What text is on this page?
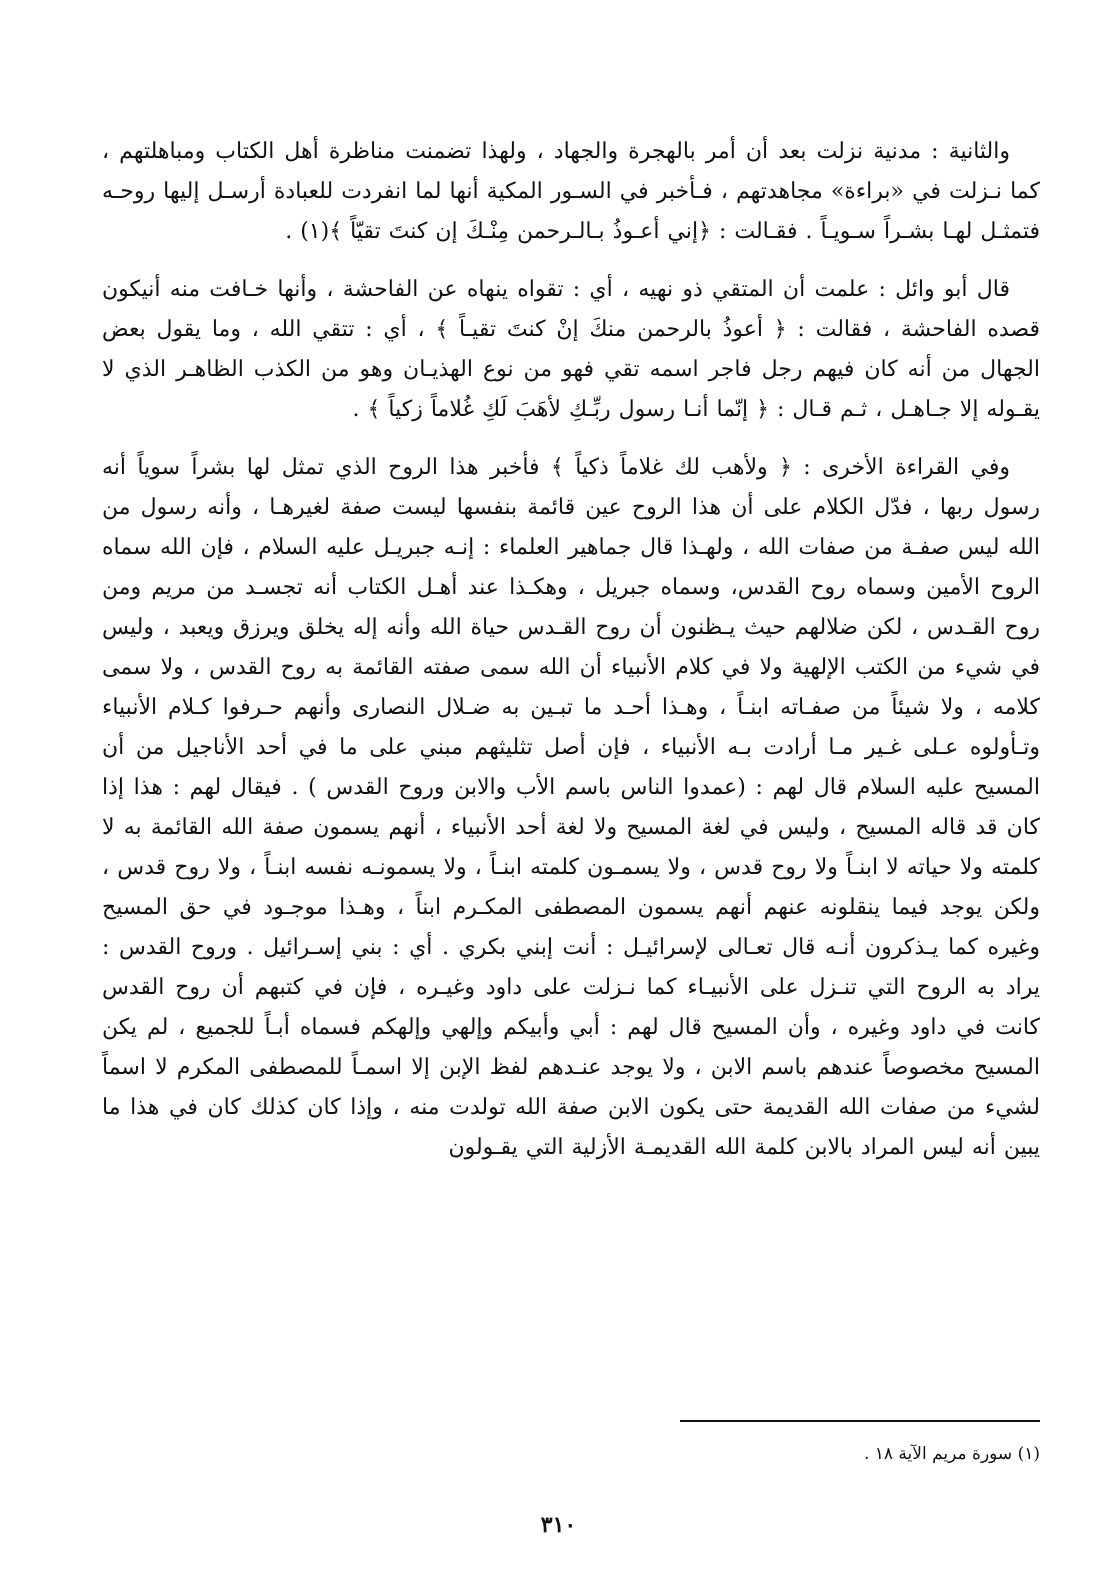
والثانية : مدنية نزلت بعد أن أمر بالهجرة والجهاد ، ولهذا تضمنت مناظرة أهل الكتاب ومباهلتهم ، كما نـزلت في «براءة» مجاهدتهم ، فـأخبر في السـور المكية أنها لما انفردت للعبادة أرسـل إليها روحـه فتمثـل لهـا بشـراً سـويـاً . فقـالت : ﴿إني أعـوذُ بـالـرحمن مِنْـكَ إن كنتَ تقيّاً ﴾(١) .

قال أبو وائل : علمت أن المتقي ذو نهيه ، أي : تقواه ينهاه عن الفاحشة ، وأنها خـافت منه أنيكون قصده الفاحشة ، فقالت : ﴿ أعوذُ بالرحمن منكَ إنْ كنتَ تقيـاً ﴾ ، أي : تتقي الله ، وما يقول بعض الجهال من أنه كان فيهم رجل فاجر اسمه تقي فهو من نوع الهذيـان وهو من الكذب الظاهـر الذي لا يقـوله إلا جـاهـل ، ثـم قـال : ﴿ إنّما أنـا رسول ربِّـكِ لأهَبَ لَكِ غُلاماً زكياً ﴾ .

وفي القراءة الأخرى : ﴿ ولأهب لك غلاماً ذكياً ﴾ فأخبر هذا الروح الذي تمثل لها بشراً سوياً أنه رسول ربها ، فدّل الكلام على أن هذا الروح عين قائمة بنفسها ليست صفة لغيرهـا ، وأنه رسول من الله ليس صفـة من صفات الله ، ولهـذا قال جماهير العلماء : إنـه جبريـل عليه السلام ، فإن الله سماه الروح الأمين وسماه روح القدس، وسماه جبريل ، وهكـذا عند أهـل الكتاب أنه تجسـد من مريم ومن روح القـدس ، لكن ضلالهم حيث يـظنون أن روح القـدس حياة الله وأنه إله يخلق ويرزق ويعبد ، وليس في شيء من الكتب الإلهية ولا في كلام الأنبياء أن الله سمى صفته القائمة به روح القدس ، ولا سمى كلامه ، ولا شيئاً من صفـاته ابنـاً ، وهـذا أحـد ما تبـين به ضـلال النصارى وأنهم حـرفوا كـلام الأنبياء وتـأولوه عـلى غـير مـا أرادت بـه الأنبياء ، فإن أصل تثليثهم مبني على ما في أحد الأناجيل من أن المسيح عليه السلام قال لهم : (عمدوا الناس باسم الأب والابن وروح القدس ) . فيقال لهم : هذا إذا كان قد قاله المسيح ، وليس في لغة المسيح ولا لغة أحد الأنبياء ، أنهم يسمون صفة الله القائمة به لا كلمته ولا حياته لا ابنـاً ولا روح قدس ، ولا يسمـون كلمته ابنـاً ، ولا يسمونـه نفسه ابنـاً ، ولا روح قدس ، ولكن يوجد فيما ينقلونه عنهم أنهم يسمون المصطفى المكـرم ابناً ، وهـذا موجـود في حق المسيح وغيره كما يـذكرون أنـه قال تعـالى لإسرائيـل : أنت إبني بكري . أي : بني إسـرائيل . وروح القدس : يراد به الروح التي تنـزل على الأنبيـاء كما نـزلت على داود وغيـره ، فإن في كتبهم أن روح القدس كانت في داود وغيره ، وأن المسيح قال لهم : أبي وأبيكم وإلهي وإلهكم فسماه أبـاً للجميع ، لم يكن المسيح مخصوصاً عندهم باسم الابن ، ولا يوجد عنـدهم لفظ الإبن إلا اسمـاً للمصطفى المكرم لا اسماً لشيء من صفات الله القديمة حتى يكون الابن صفة الله تولدت منه ، وإذا كان كذلك كان في هذا ما يبين أنه ليس المراد بالابن كلمة الله القديمـة الأزلية التي يقـولون

(١) سورة مريم الآية ١٨ .
٣١٠
